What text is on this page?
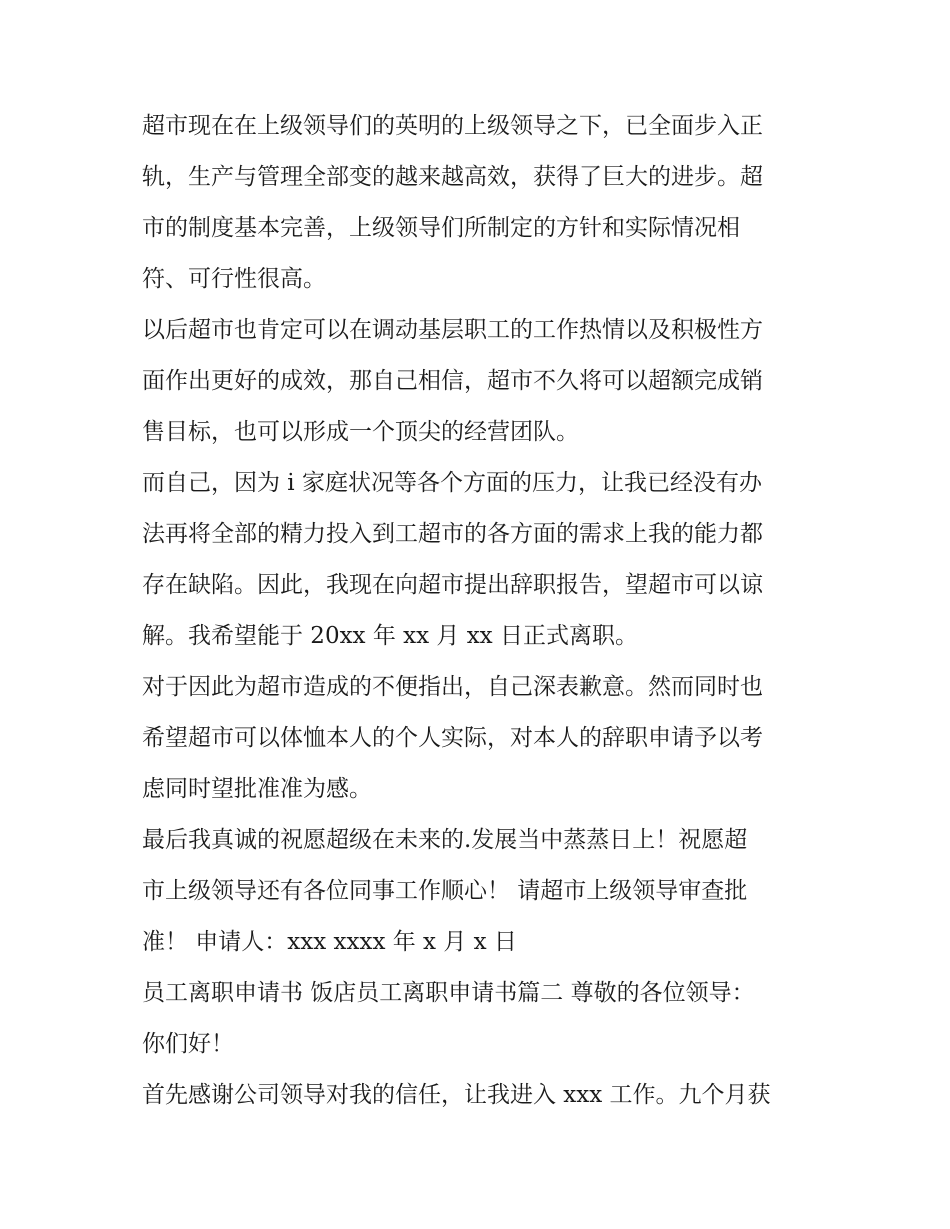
超市现在在上级领导们的英明的上级领导之下，已全面步入正
轨，生产与管理全部变的越来越高效，获得了巨大的进步。超
市的制度基本完善，上级领导们所制定的方针和实际情况相
符、可行性很高。
以后超市也肯定可以在调动基层职工的工作热情以及积极性方
面作出更好的成效，那自己相信，超市不久将可以超额完成销
售目标，也可以形成一个顶尖的经营团队。
而自己，因为 i 家庭状况等各个方面的压力，让我已经没有办
法再将全部的精力投入到工超市的各方面的需求上我的能力都
存在缺陷。因此，我现在向超市提出辞职报告，望超市可以谅
解。我希望能于 20xx 年 xx 月 xx 日正式离职。
对于因此为超市造成的不便指出，自己深表歉意。然而同时也
希望超市可以体恤本人的个人实际，对本人的辞职申请予以考
虑同时望批准准为感。
最后我真诚的祝愿超级在未来的.发展当中蒸蒸日上！祝愿超
市上级领导还有各位同事工作顺心！ 请超市上级领导审查批
准！ 申请人：xxx xxxx 年 x 月 x 日
员工离职申请书 饭店员工离职申请书篇二 尊敬的各位领导：
你们好！
首先感谢公司领导对我的信任，让我进入 xxx 工作。九个月获
